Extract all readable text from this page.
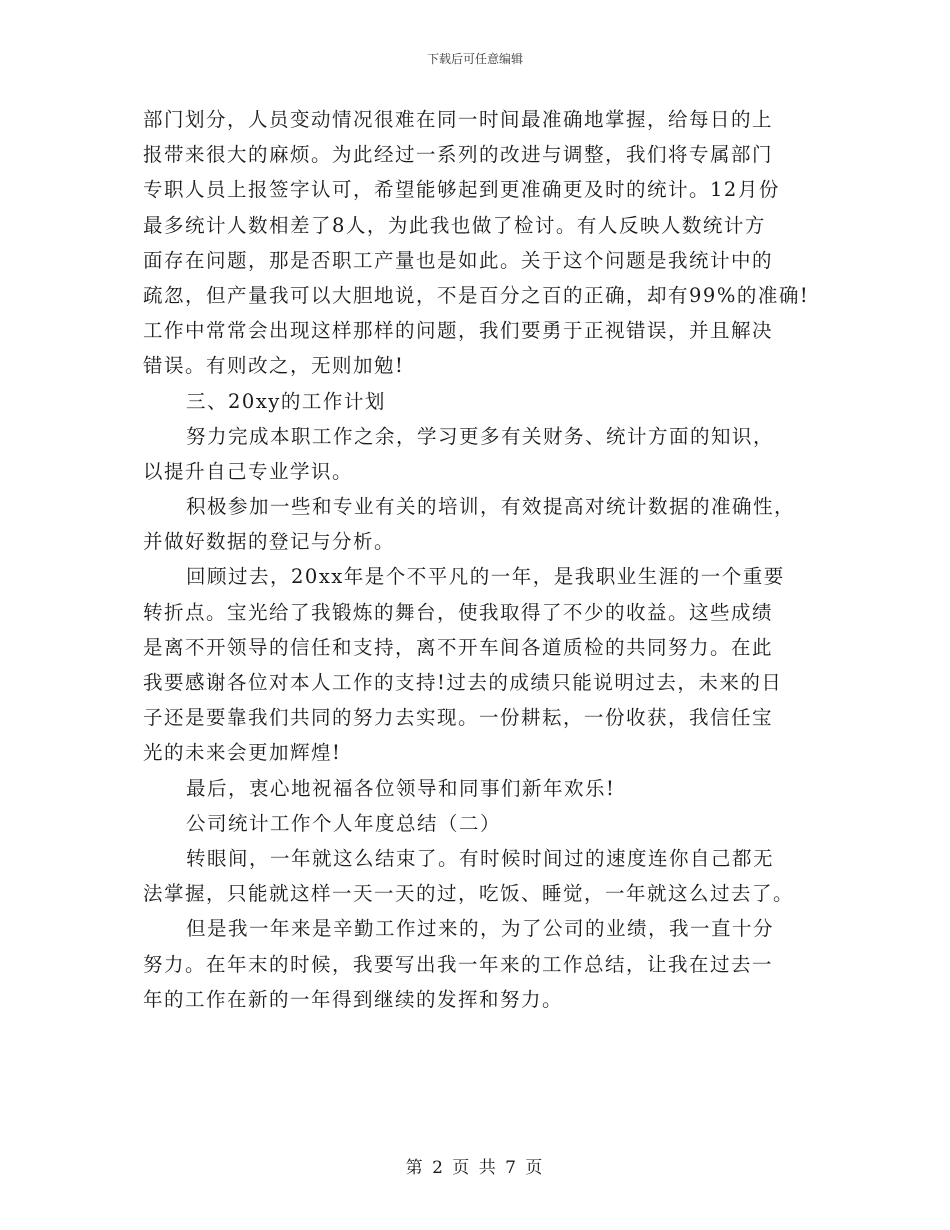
下载后可任意编辑
部门划分，人员变动情况很难在同一时间最准确地掌握，给每日的上
报带来很大的麻烦。为此经过一系列的改进与调整，我们将专属部门
专职人员上报签字认可，希望能够起到更准确更及时的统计。12月份
最多统计人数相差了8人，为此我也做了检讨。有人反映人数统计方
面存在问题，那是否职工产量也是如此。关于这个问题是我统计中的
疏忽，但产量我可以大胆地说，不是百分之百的正确，却有99%的准确!
工作中常常会出现这样那样的问题，我们要勇于正视错误，并且解决
错误。有则改之，无则加勉!
三、20xy的工作计划
努力完成本职工作之余，学习更多有关财务、统计方面的知识，
以提升自己专业学识。
积极参加一些和专业有关的培训，有效提高对统计数据的准确性，
并做好数据的登记与分析。
回顾过去，20xx年是个不平凡的一年，是我职业生涯的一个重要
转折点。宝光给了我锻炼的舞台，使我取得了不少的收益。这些成绩
是离不开领导的信任和支持，离不开车间各道质检的共同努力。在此
我要感谢各位对本人工作的支持!过去的成绩只能说明过去，未来的日
子还是要靠我们共同的努力去实现。一份耕耘，一份收获，我信任宝
光的未来会更加辉煌!
最后，衷心地祝福各位领导和同事们新年欢乐!
公司统计工作个人年度总结（二）
转眼间，一年就这么结束了。有时候时间过的速度连你自己都无
法掌握，只能就这样一天一天的过，吃饭、睡觉，一年就这么过去了。
但是我一年来是辛勤工作过来的，为了公司的业绩，我一直十分
努力。在年末的时候，我要写出我一年来的工作总结，让我在过去一
年的工作在新的一年得到继续的发挥和努力。
第 2 页 共 7 页
